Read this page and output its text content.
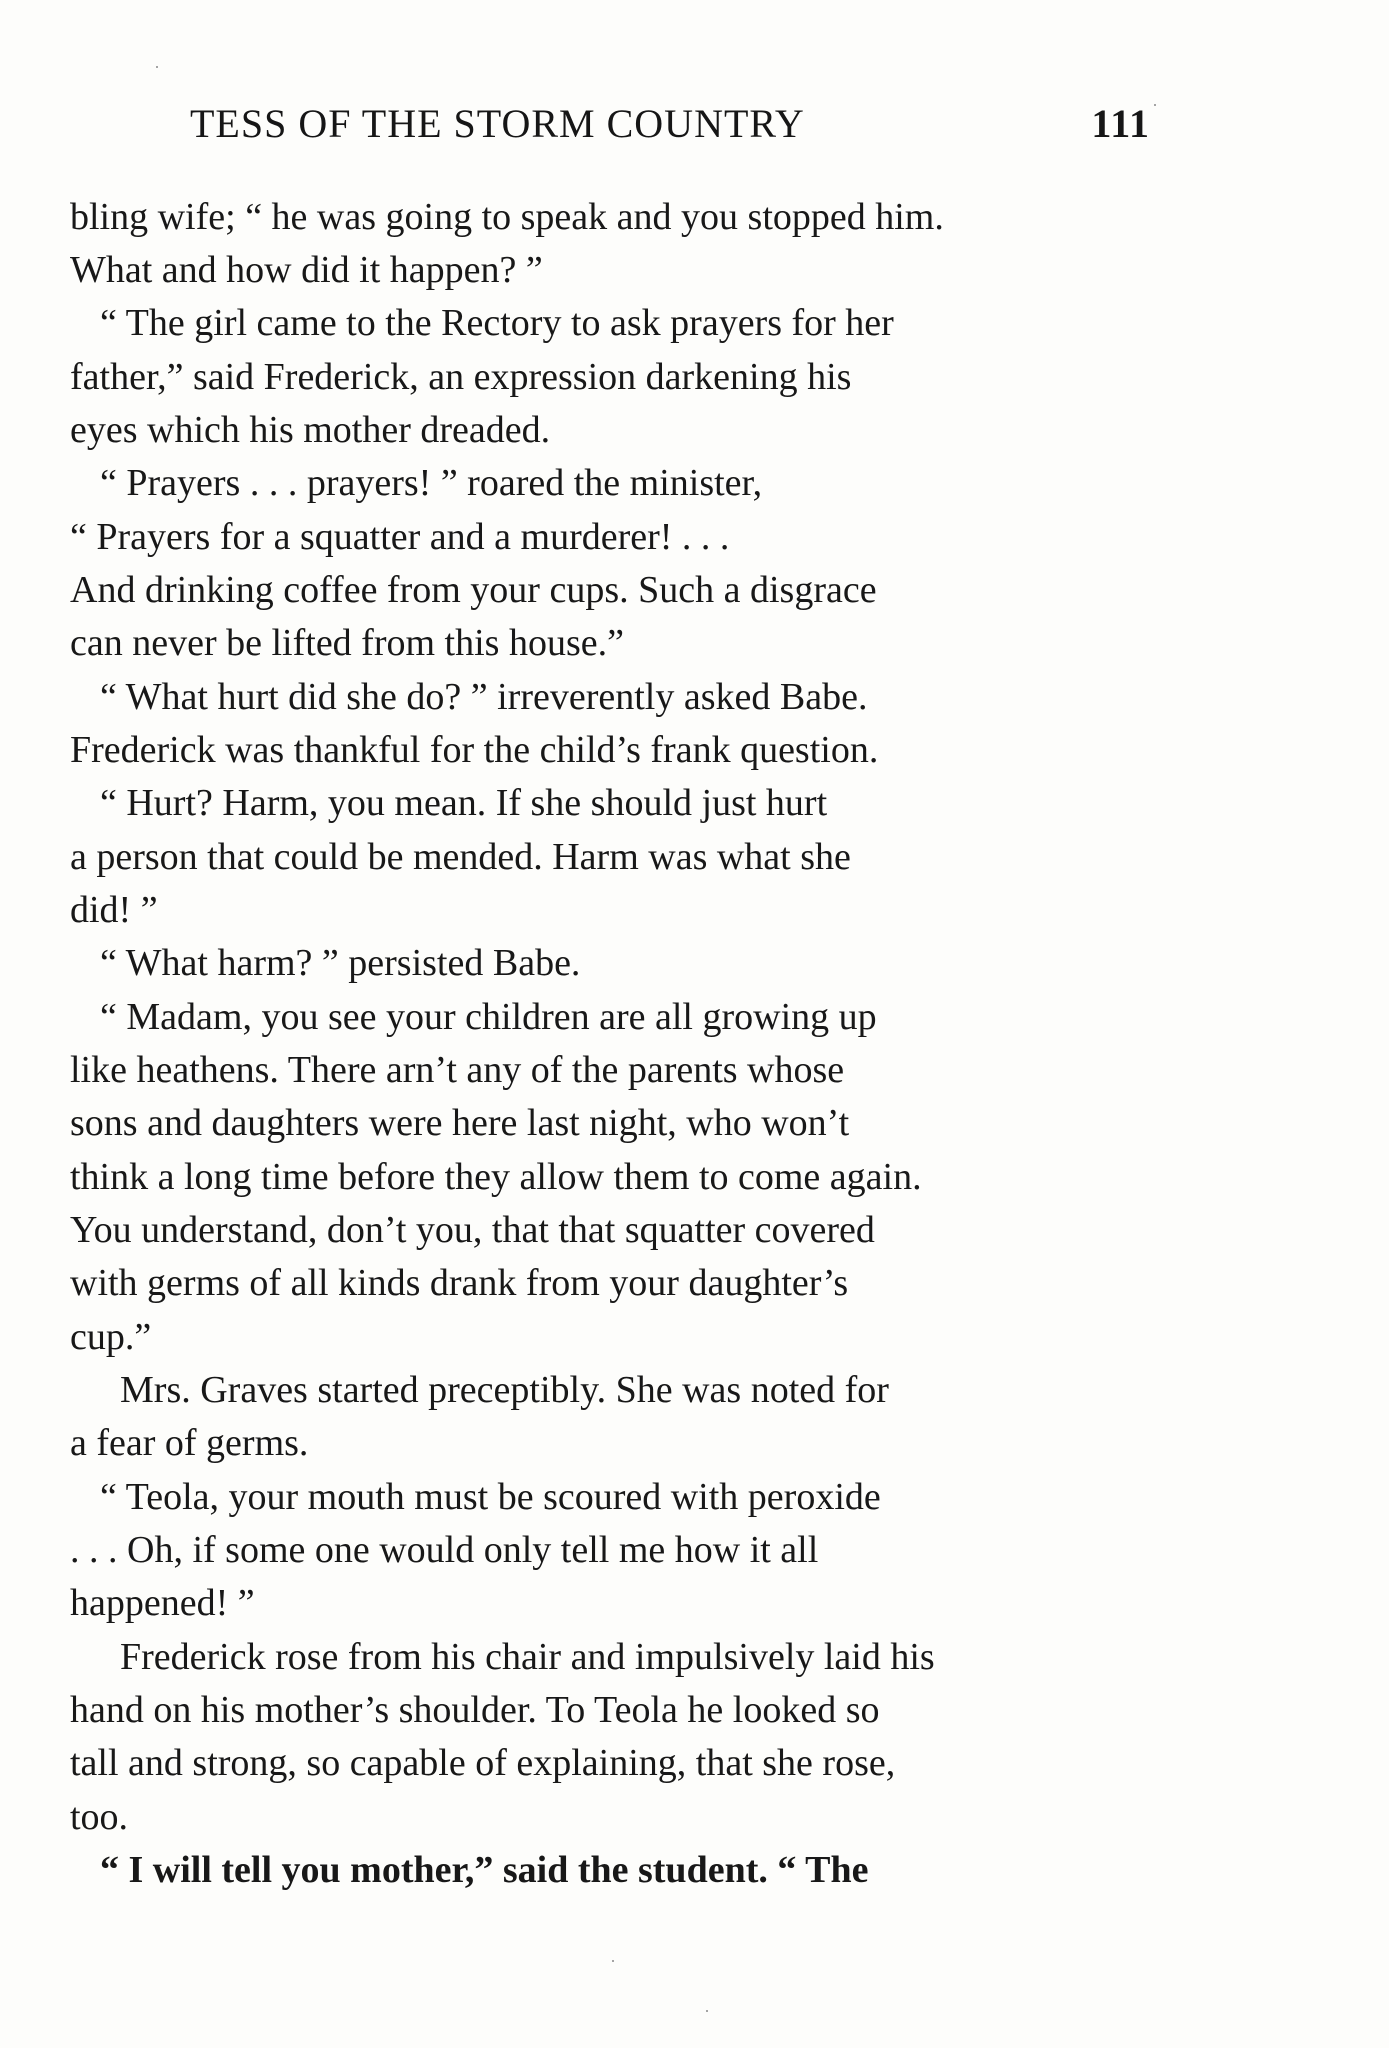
TESS OF THE STORM COUNTRY	111
bling wife; “ he was going to speak and you stopped him.
What and how did it happen? ”
“ The girl came to the Rectory to ask prayers for her
father,” said Frederick, an expression darkening his
eyes which his mother dreaded.
“ Prayers . . . prayers! ” roared the minister,
“ Prayers for a squatter and a murderer! . . .
And drinking coffee from your cups. Such a disgrace
can never be lifted from this house.”
“ What hurt did she do? ” irreverently asked Babe.
Frederick was thankful for the child’s frank question.
“ Hurt? Harm, you mean. If she should just hurt
a person that could be mended. Harm was what she
did! ”
“ What harm? ” persisted Babe.
“ Madam, you see your children are all growing up
like heathens. There arn’t any of the parents whose
sons and daughters were here last night, who won’t
think a long time before they allow them to come again.
You understand, don’t you, that that squatter covered
with germs of all kinds drank from your daughter’s
cup.”
Mrs. Graves started preceptibly. She was noted for
a fear of germs.
“ Teola, your mouth must be scoured with peroxide
. . . Oh, if some one would only tell me how it all
happened! ”
Frederick rose from his chair and impulsively laid his
hand on his mother’s shoulder. To Teola he looked so
tall and strong, so capable of explaining, that she rose,
too.
“ I will tell you mother,” said the student. “ The
